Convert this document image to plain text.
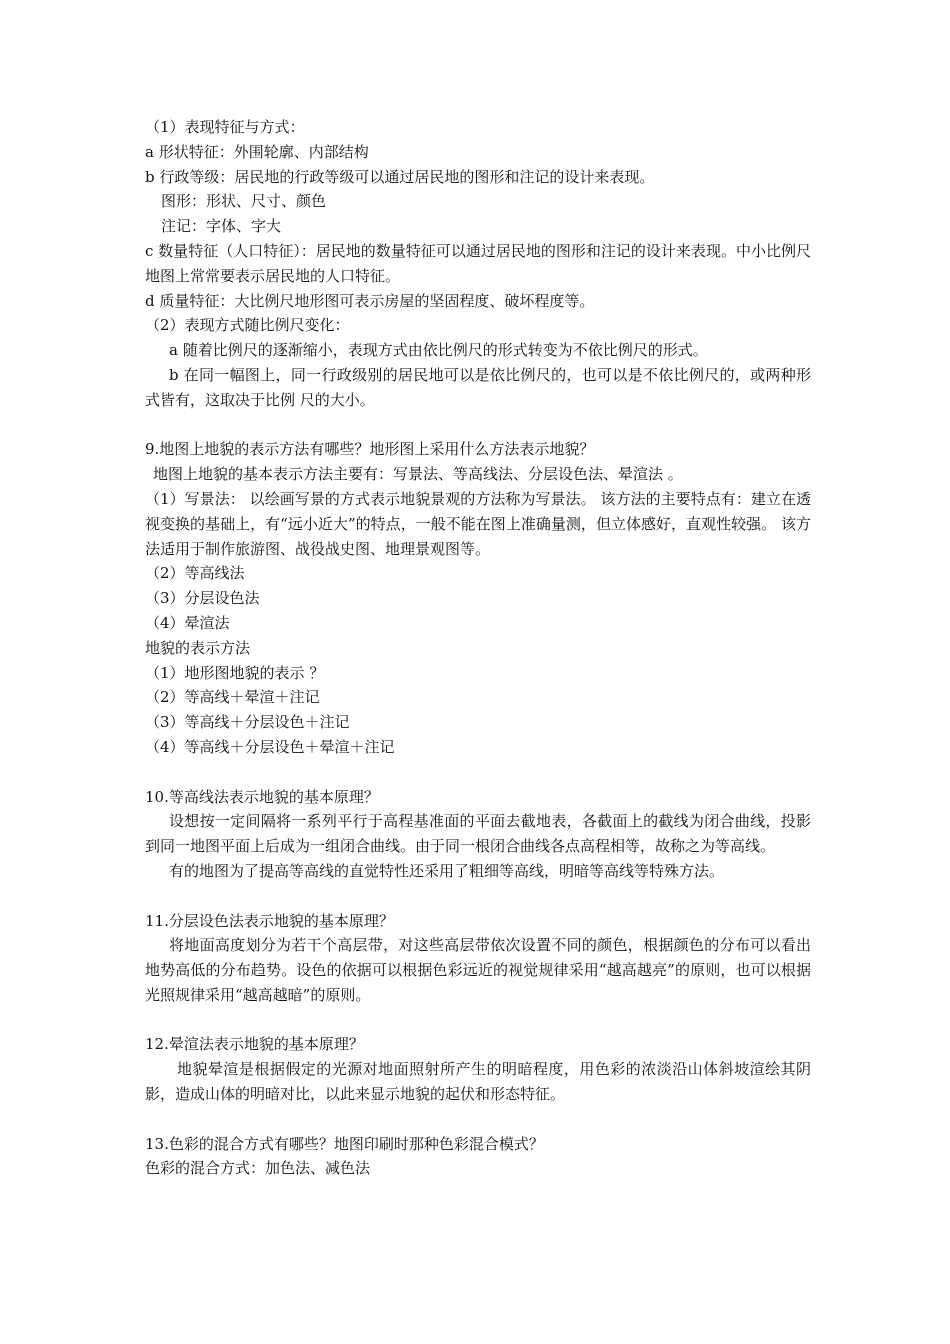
（1）表现特征与方式：
a 形状特征：外围轮廓、内部结构
b 行政等级：居民地的行政等级可以通过居民地的图形和注记的设计来表现。
图形：形状、尺寸、颜色
注记：字体、字大
c 数量特征（人口特征）：居民地的数量特征可以通过居民地的图形和注记的设计来表现。中小比例尺地图上常常要表示居民地的人口特征。
d 质量特征：大比例尺地形图可表示房屋的坚固程度、破坏程度等。
（2）表现方式随比例尺变化：
a 随着比例尺的逐渐缩小，表现方式由依比例尺的形式转变为不依比例尺的形式。
b 在同一幅图上，同一行政级别的居民地可以是依比例尺的，也可以是不依比例尺的，或两种形式皆有，这取决于比例 尺的大小。
9.地图上地貌的表示方法有哪些？地形图上采用什么方法表示地貌？
地图上地貌的基本表示方法主要有：写景法、等高线法、分层设色法、晕渲法 。
（1）写景法： 以绘画写景的方式表示地貌景观的方法称为写景法。 该方法的主要特点有：建立在透视变换的基础上，有“远小近大”的特点，一般不能在图上准确量测，但立体感好，直观性较强。 该方法适用于制作旅游图、战役战史图、地理景观图等。
（2）等高线法
（3）分层设色法
（4）晕渲法
地貌的表示方法
（1）地形图地貌的表示 ？
（2）等高线＋晕渲＋注记
（3）等高线＋分层设色＋注记
（4）等高线＋分层设色＋晕渲＋注记
10.等高线法表示地貌的基本原理？
设想按一定间隔将一系列平行于高程基准面的平面去截地表，各截面上的截线为闭合曲线，投影到同一地图平面上后成为一组闭合曲线。由于同一根闭合曲线各点高程相等，故称之为等高线。
有的地图为了提高等高线的直觉特性还采用了粗细等高线，明暗等高线等特殊方法。
11.分层设色法表示地貌的基本原理？
将地面高度划分为若干个高层带，对这些高层带依次设置不同的颜色，根据颜色的分布可以看出地势高低的分布趋势。设色的依据可以根据色彩远近的视觉规律采用“越高越亮”的原则，也可以根据光照规律采用“越高越暗”的原则。
12.晕渲法表示地貌的基本原理？
地貌晕渲是根据假定的光源对地面照射所产生的明暗程度，用色彩的浓淡沿山体斜坡渲绘其阴影，造成山体的明暗对比，以此来显示地貌的起伏和形态特征。
13.色彩的混合方式有哪些？地图印刷时那种色彩混合模式？
色彩的混合方式：加色法、减色法
